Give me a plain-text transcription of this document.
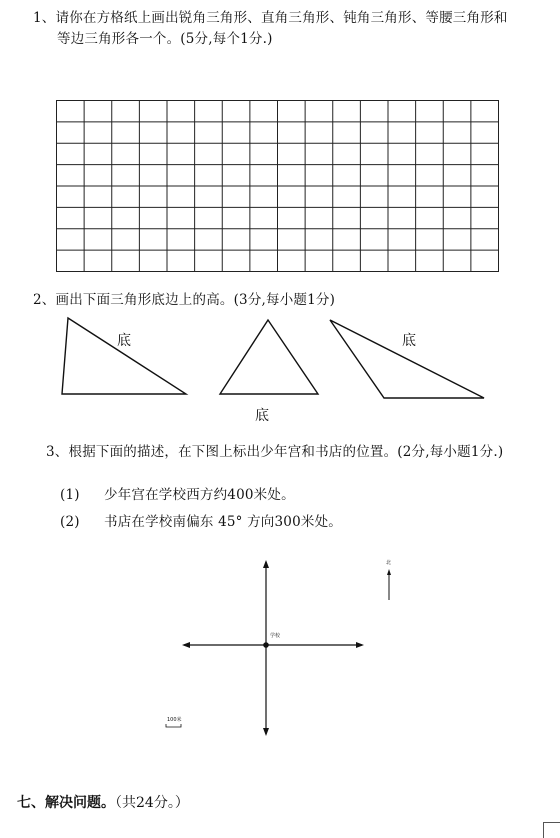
1、请你在方格纸上画出锐角三角形、直角三角形、钝角三角形、等腰三角形和
等边三角形各一个。(5分,每个1分.)
2、画出下面三角形底边上的高。(3分,每小题1分)
底
底
底
3、根据下面的描述，在下图上标出少年宫和书店的位置。(2分,每小题1分.)
(1) 少年宫在学校西方约400米处。
(2) 书店在学校南偏东 45° 方向300米处。
学校
北
100米
七、解决问题。（共24分。）
